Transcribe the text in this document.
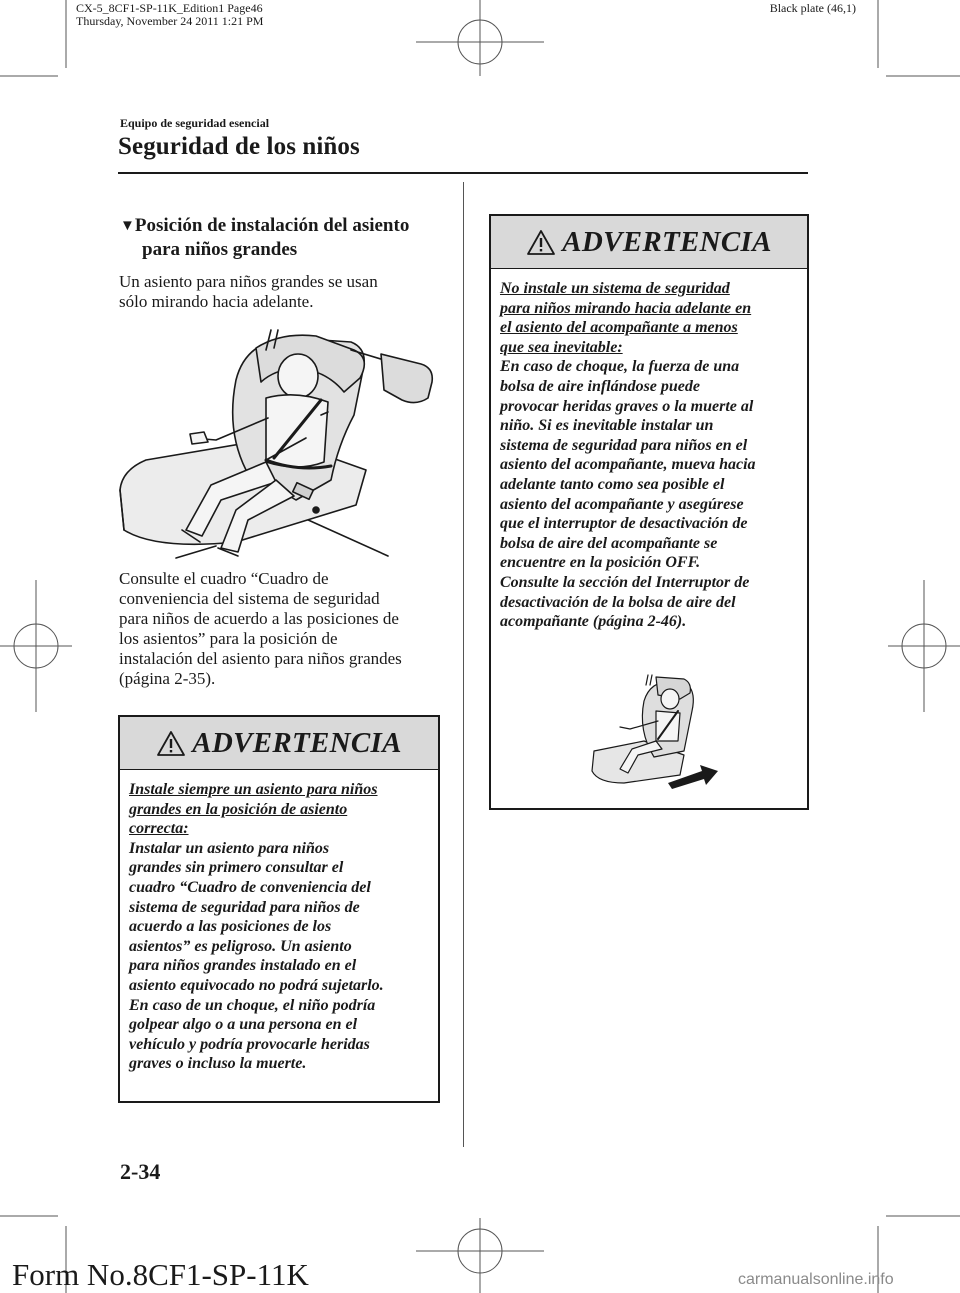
CX-5_8CF1-SP-11K_Edition1 Page46
Thursday, November 24 2011 1:21 PM
Black plate (46,1)
Equipo de seguridad esencial
Seguridad de los niños
▼Posición de instalación del asiento
para niños grandes
Un asiento para niños grandes se usan
sólo mirando hacia adelante.
Consulte el cuadro “Cuadro de
conveniencia del sistema de seguridad
para niños de acuerdo a las posiciones de
los asientos” para la posición de
instalación del asiento para niños grandes
(página 2-35).
ADVERTENCIA
Instale siempre un asiento para niños
grandes en la posición de asiento
correcta:
Instalar un asiento para niños
grandes sin primero consultar el
cuadro “Cuadro de conveniencia del
sistema de seguridad para niños de
acuerdo a las posiciones de los
asientos” es peligroso. Un asiento
para niños grandes instalado en el
asiento equivocado no podrá sujetarlo.
En caso de un choque, el niño podría
golpear algo o a una persona en el
vehículo y podría provocarle heridas
graves o incluso la muerte.
ADVERTENCIA
No instale un sistema de seguridad
para niños mirando hacia adelante en
el asiento del acompañante a menos
que sea inevitable:
En caso de choque, la fuerza de una
bolsa de aire inflándose puede
provocar heridas graves o la muerte al
niño. Si es inevitable instalar un
sistema de seguridad para niños en el
asiento del acompañante, mueva hacia
adelante tanto como sea posible el
asiento del acompañante y asegúrese
que el interruptor de desactivación de
bolsa de aire del acompañante se
encuentre en la posición OFF.
Consulte la sección del Interruptor de
desactivación de la bolsa de aire del
acompañante (página 2-46).
2-34
Form No.8CF1-SP-11K	carmanualsonline.info
